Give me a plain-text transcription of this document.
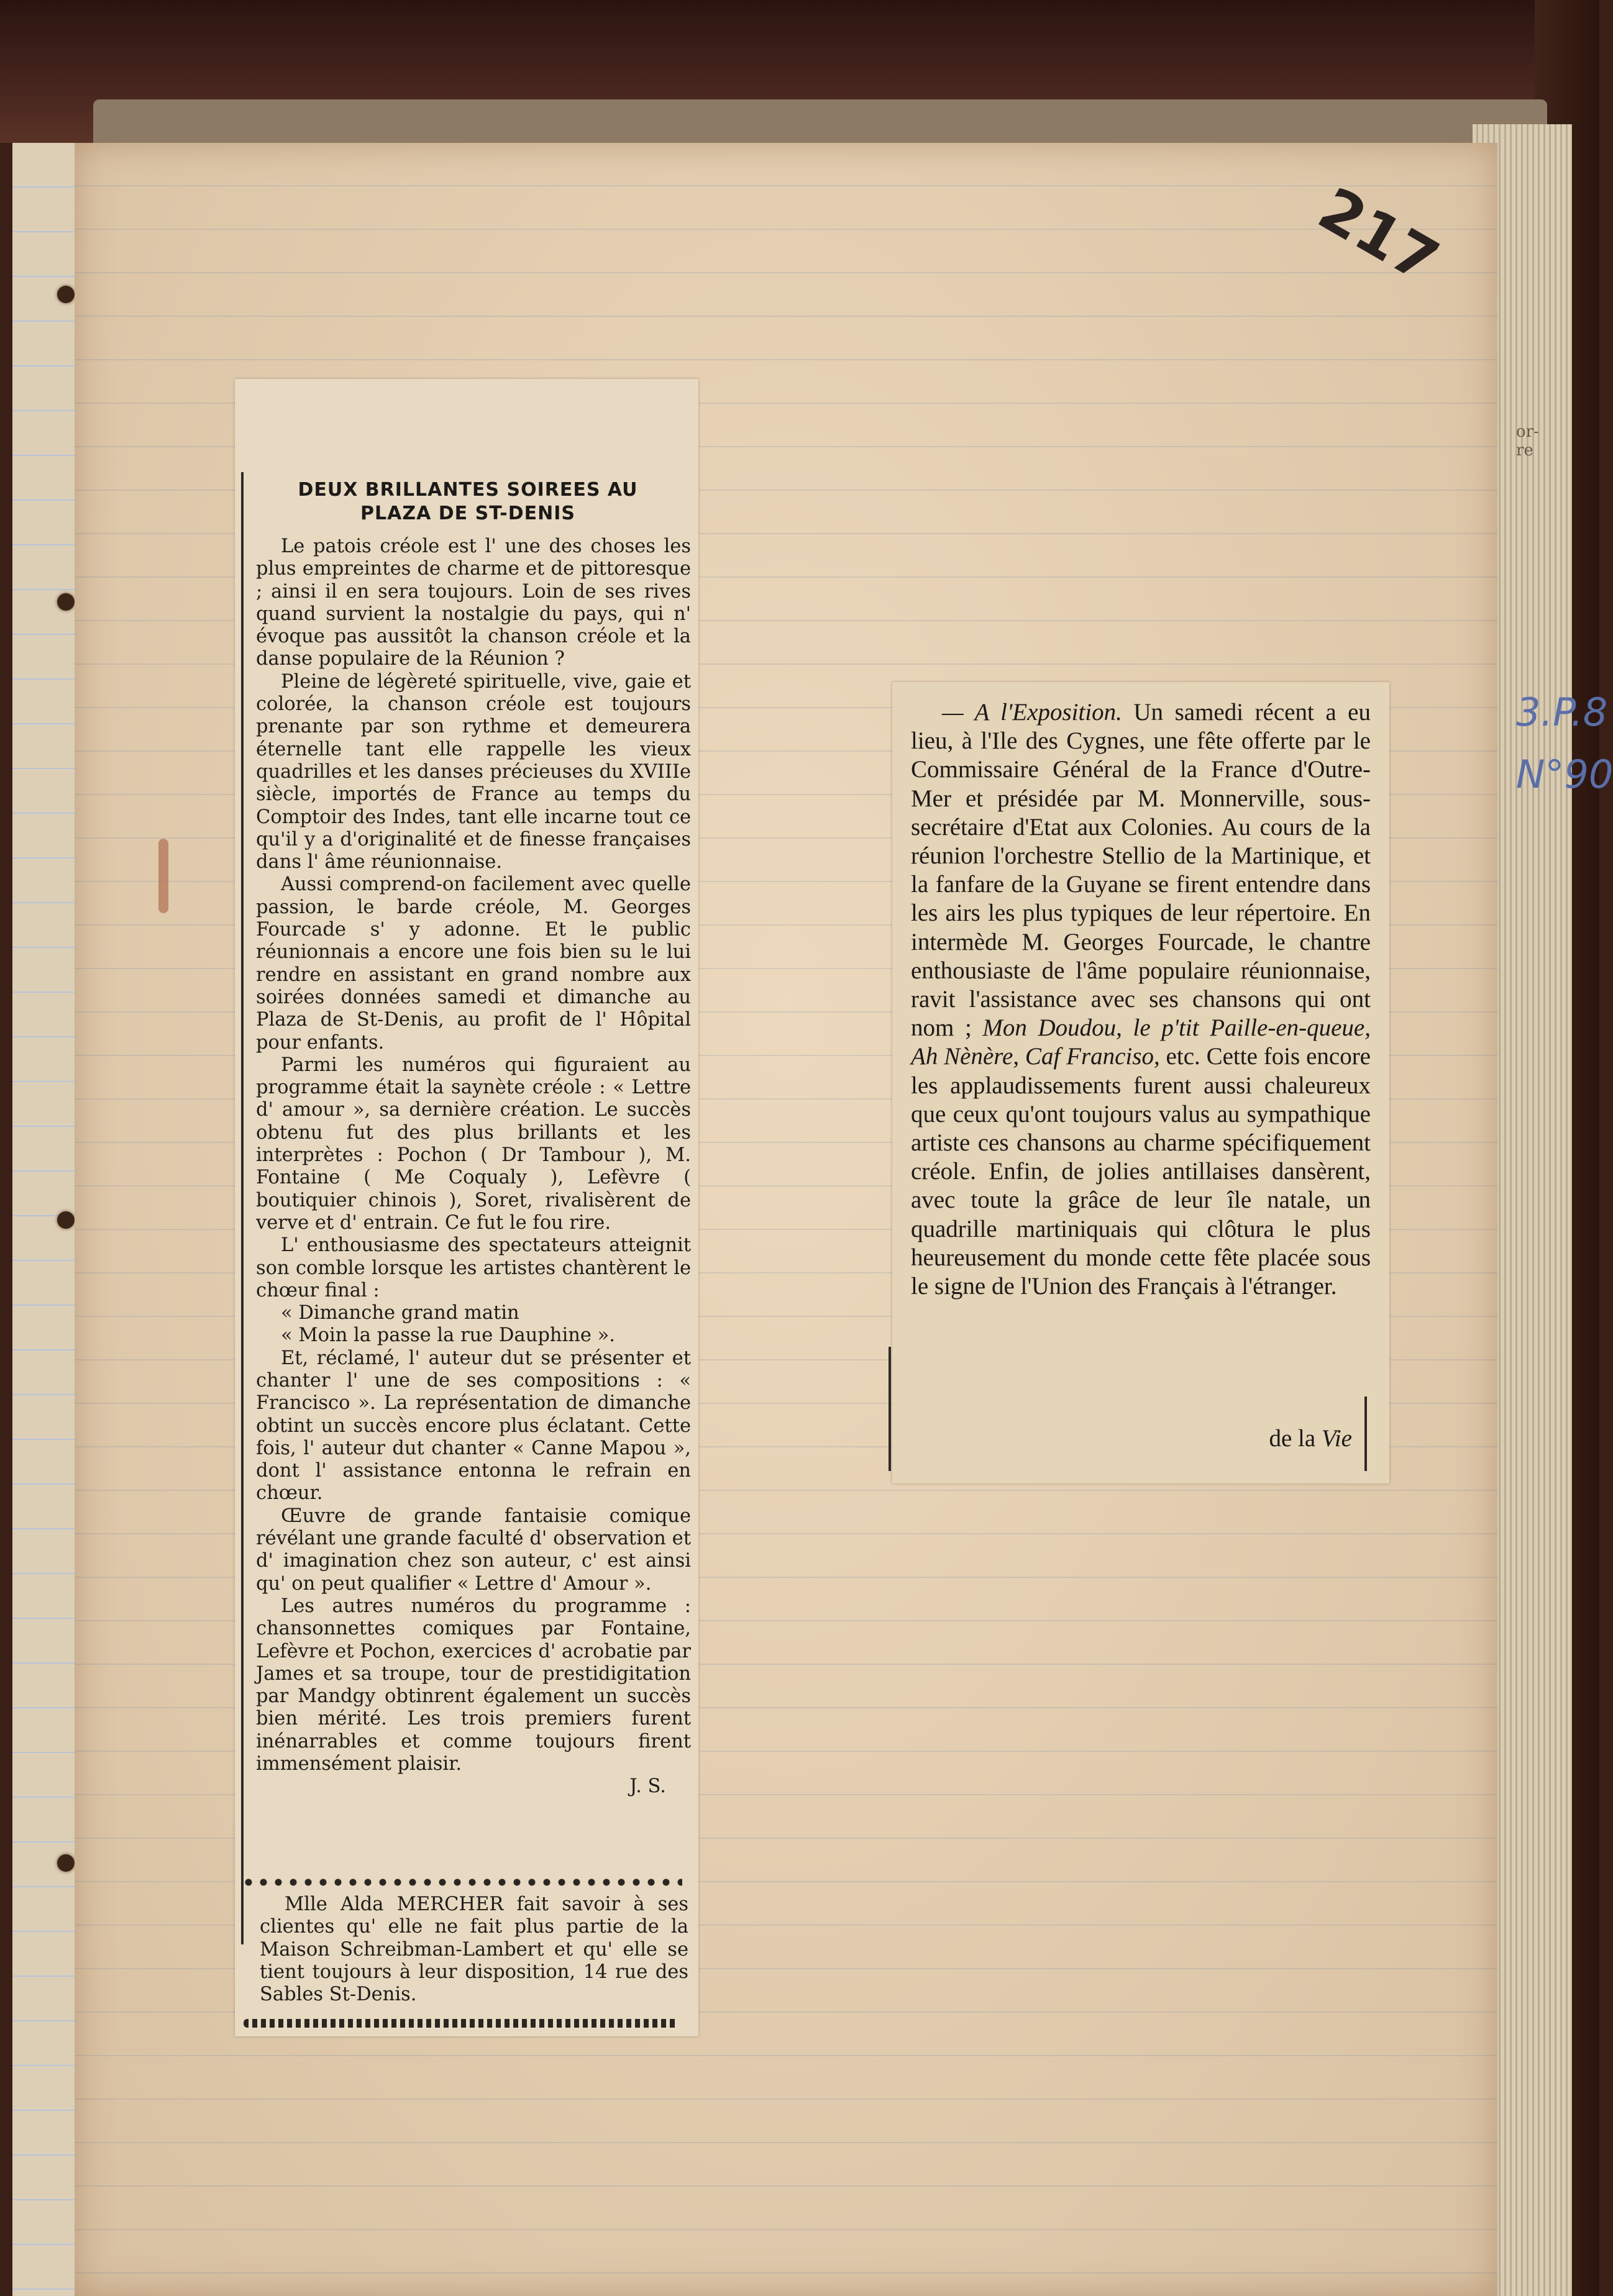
217
or-
re
3.P.8
N°90
DEUX BRILLANTES SOIREES AU
PLAZA DE ST-DENIS

Le patois créole est l' une des choses les plus empreintes de charme et de pittoresque ; ainsi il en sera toujours. Loin de ses rives quand survient la nostalgie du pays, qui n' évoque pas aussitôt la chanson créole et la danse populaire de la Réunion ?

Pleine de légèreté spirituelle, vive, gaie et colorée, la chanson créole est toujours prenante par son rythme et demeurera éternelle tant elle rappelle les vieux quadrilles et les danses précieuses du XVIIIe siècle, importés de France au temps du Comptoir des Indes, tant elle incarne tout ce qu'il y a d'originalité et de finesse françaises dans l' âme réunionnaise.

Aussi comprend-on facilement avec quelle passion, le barde créole, M. Georges Fourcade s' y adonne. Et le public réunionnais a encore une fois bien su le lui rendre en assistant en grand nombre aux soirées données samedi et dimanche au Plaza de St-Denis, au profit de l' Hôpital pour enfants.

Parmi les numéros qui figuraient au programme était la saynète créole : « Lettre d' amour », sa dernière création. Le succès obtenu fut des plus brillants et les interprètes : Pochon ( Dr Tambour ), M. Fontaine ( Me Coqualy ), Lefèvre ( boutiquier chinois ), Soret, rivalisèrent de verve et d' entrain. Ce fut le fou rire.

L' enthousiasme des spectateurs atteignit son comble lorsque les artistes chantèrent le chœur final :

« Dimanche grand matin

« Moin la passe la rue Dauphine ».

Et, réclamé, l' auteur dut se présenter et chanter l' une de ses compositions : « Francisco ». La représentation de dimanche obtint un succès encore plus éclatant. Cette fois, l' auteur dut chanter « Canne Mapou », dont l' assistance entonna le refrain en chœur.

Œuvre de grande fantaisie comique révélant une grande faculté d' observation et d' imagination chez son auteur, c' est ainsi qu' on peut qualifier « Lettre d' Amour ».

Les autres numéros du programme : chansonnettes comiques par Fontaine, Lefèvre et Pochon, exercices d' acrobatie par James et sa troupe, tour de prestidigitation par Mandgy obtinrent également un succès bien mérité. Les trois premiers furent inénarrables et comme toujours firent immensément plaisir.

J. S.

Mlle Alda MERCHER fait savoir à ses clientes qu' elle ne fait plus partie de la Maison Schreibman-Lambert et qu' elle se tient toujours à leur disposition, 14 rue des Sables St-Denis.

— A l'Exposition. Un samedi récent a eu lieu, à l'Ile des Cygnes, une fête offerte par le Commissaire Général de la France d'Outre-Mer et présidée par M. Monnerville, sous-secrétaire d'Etat aux Colonies. Au cours de la réunion l'orchestre Stellio de la Martinique, et la fanfare de la Guyane se firent entendre dans les airs les plus typiques de leur répertoire. En intermède M. Georges Fourcade, le chantre enthousiaste de l'âme populaire réunionnaise, ravit l'assistance avec ses chansons qui ont nom ; Mon Doudou, le p'tit Paille-en-queue, Ah Nènère, Caf Franciso, etc. Cette fois encore les applaudissements furent aussi chaleureux que ceux qu'ont toujours valus au sympathique artiste ces chansons au charme spécifiquement créole. Enfin, de jolies antillaises dansèrent, avec toute la grâce de leur île natale, un quadrille martiniquais qui clôtura le plus heureusement du monde cette fête placée sous le signe de l'Union des Français à l'étranger.

de la Vie
